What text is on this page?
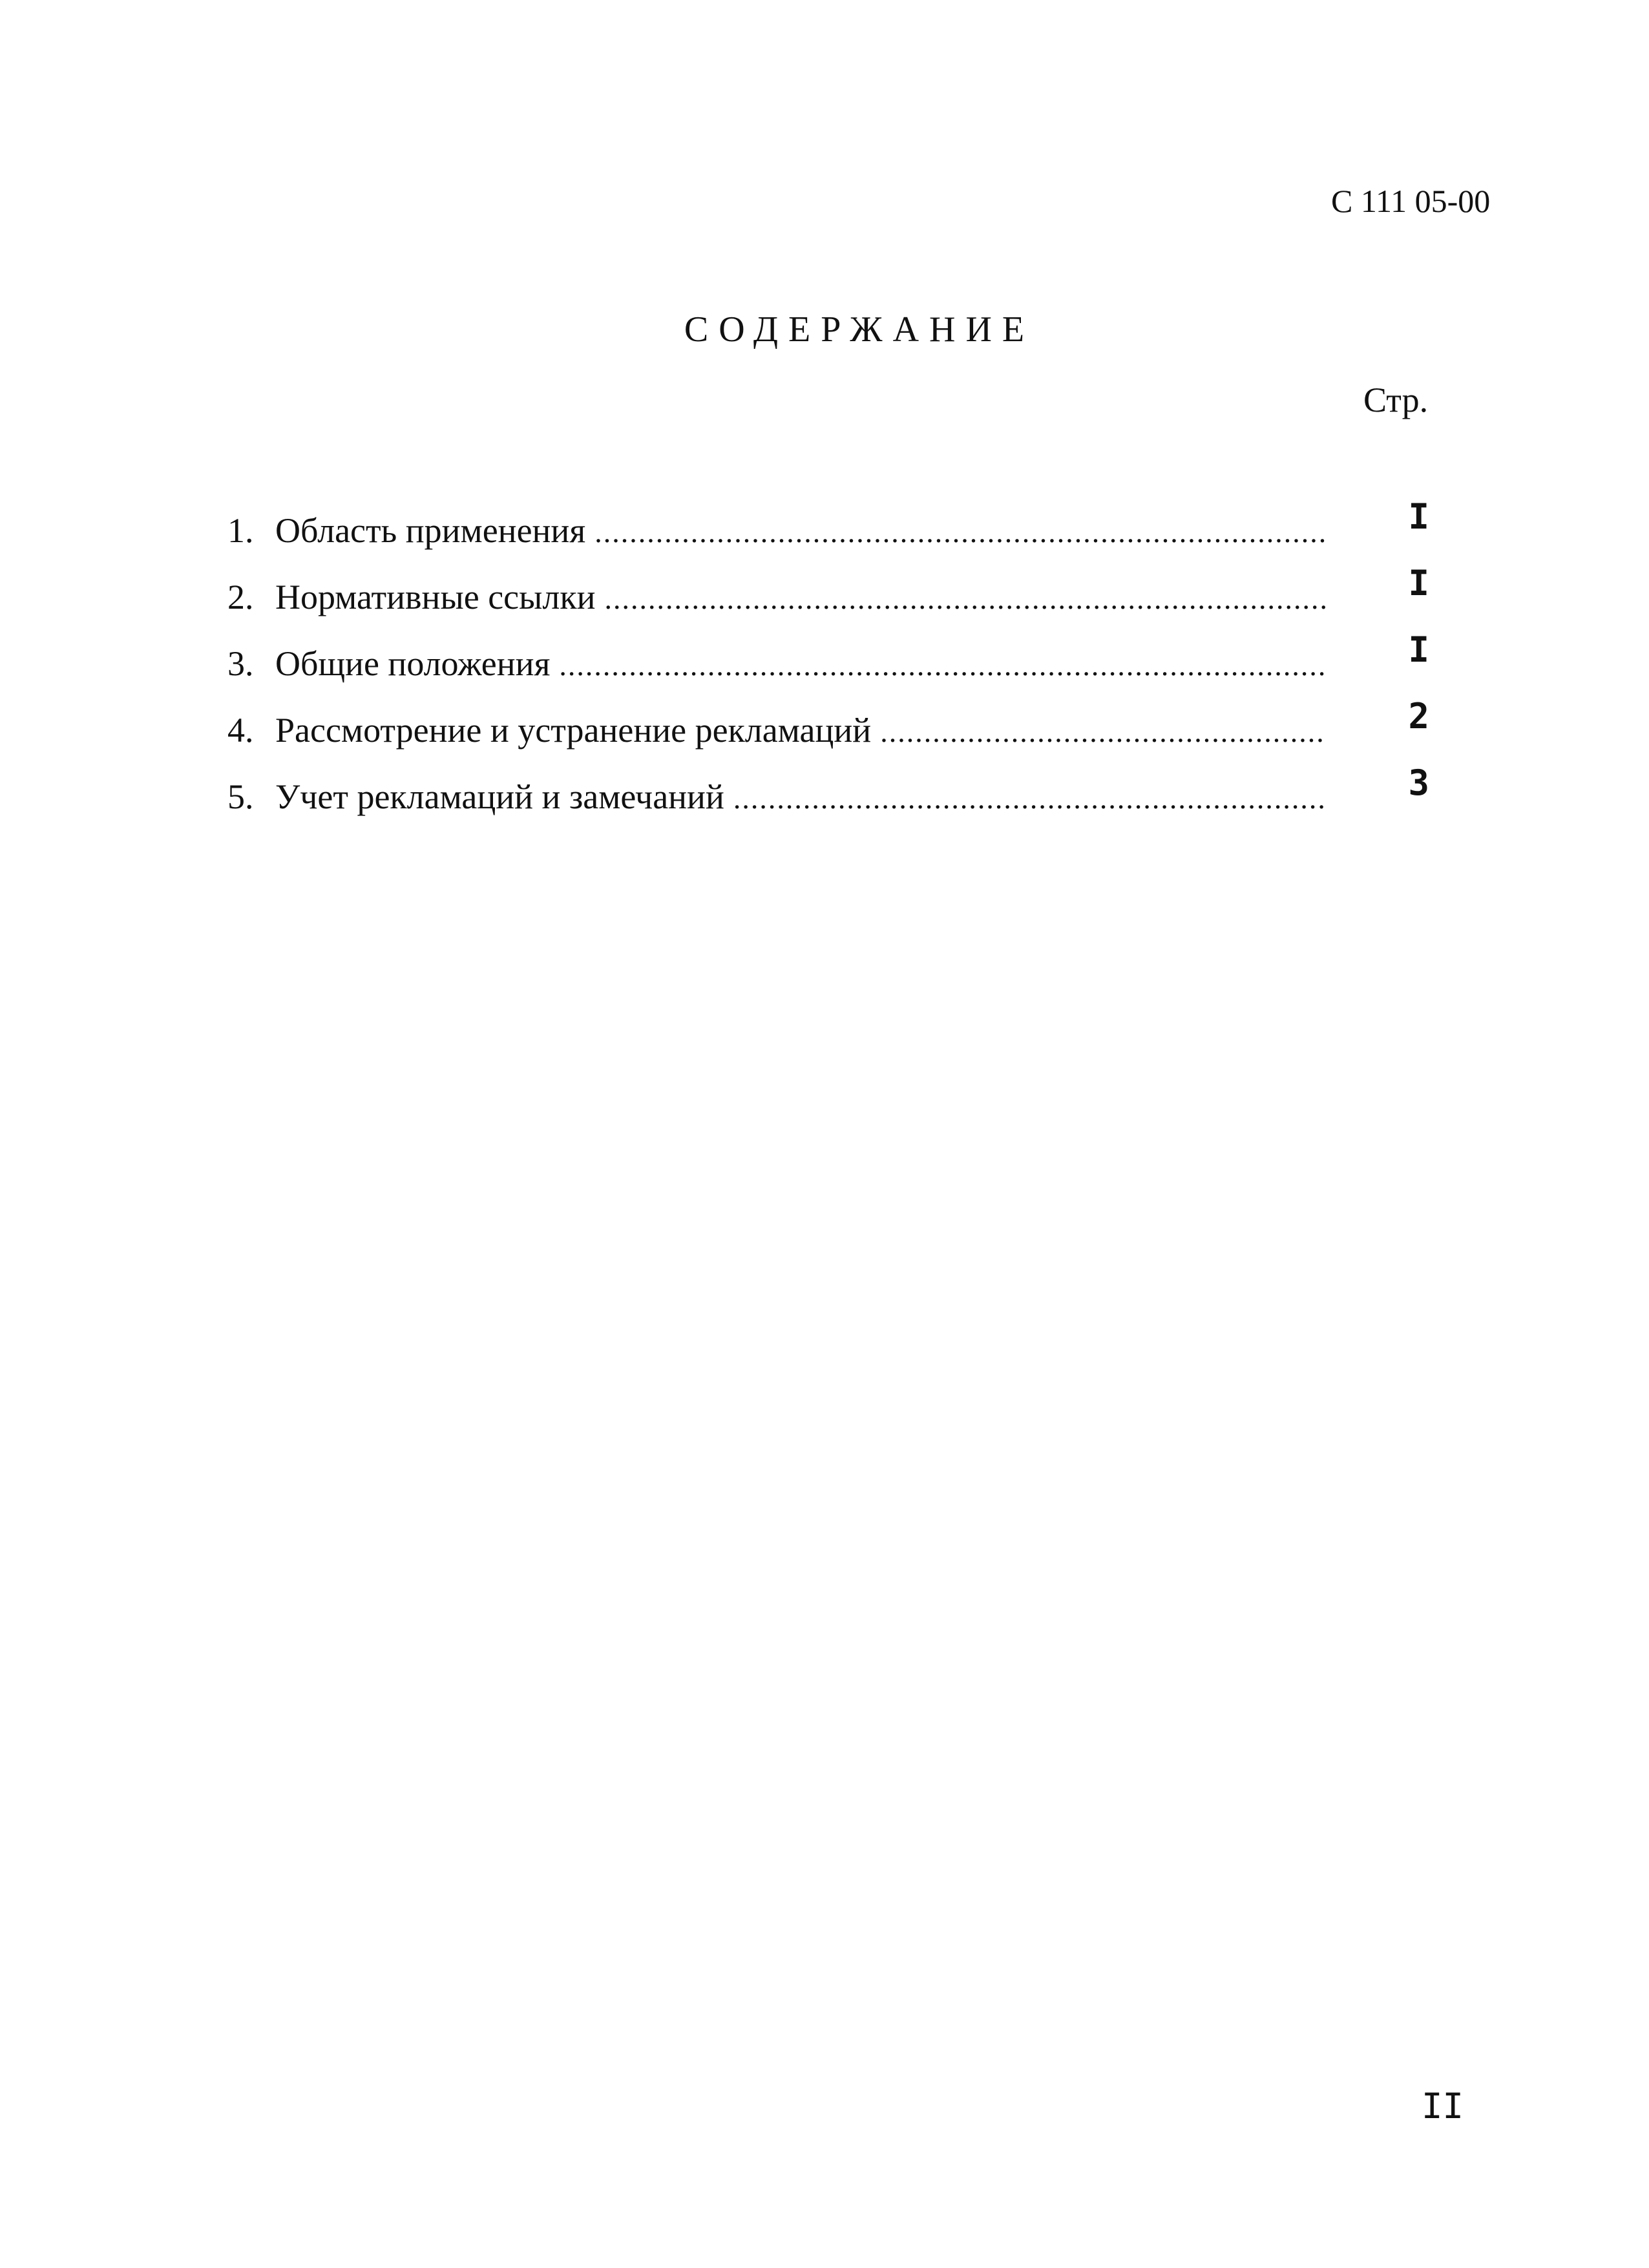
С 111 05-00
СОДЕРЖАНИЕ
Стр.
1. Область применения .....	I
2. Нормативные ссылки .....	I
3. Общие положения .....	I
4. Рассмотрение и устранение рекламаций .....	2
5. Учет рекламаций и замечаний .....	3
II
